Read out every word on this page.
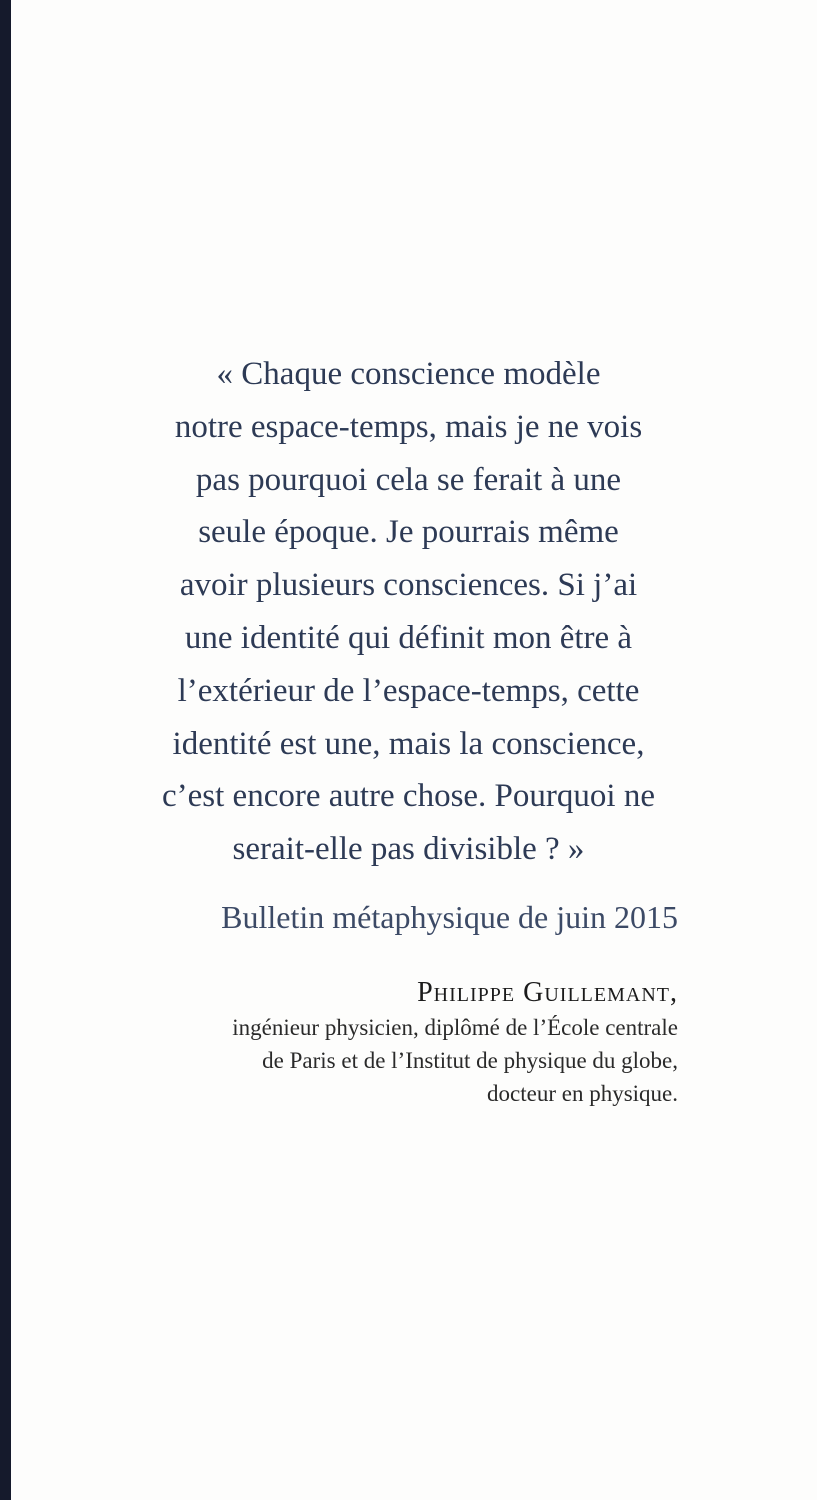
« Chaque conscience modèle
notre espace-temps, mais je ne vois
pas pourquoi cela se ferait à une
seule époque. Je pourrais même
avoir plusieurs consciences. Si j’ai
une identité qui définit mon être à
l’extérieur de l’espace-temps, cette
identité est une, mais la conscience,
c’est encore autre chose. Pourquoi ne
serait-elle pas divisible ? »
Bulletin métaphysique de juin 2015
Philippe Guillemant,
ingénieur physicien, diplômé de l’École centrale
de Paris et de l’Institut de physique du globe,
docteur en physique.
